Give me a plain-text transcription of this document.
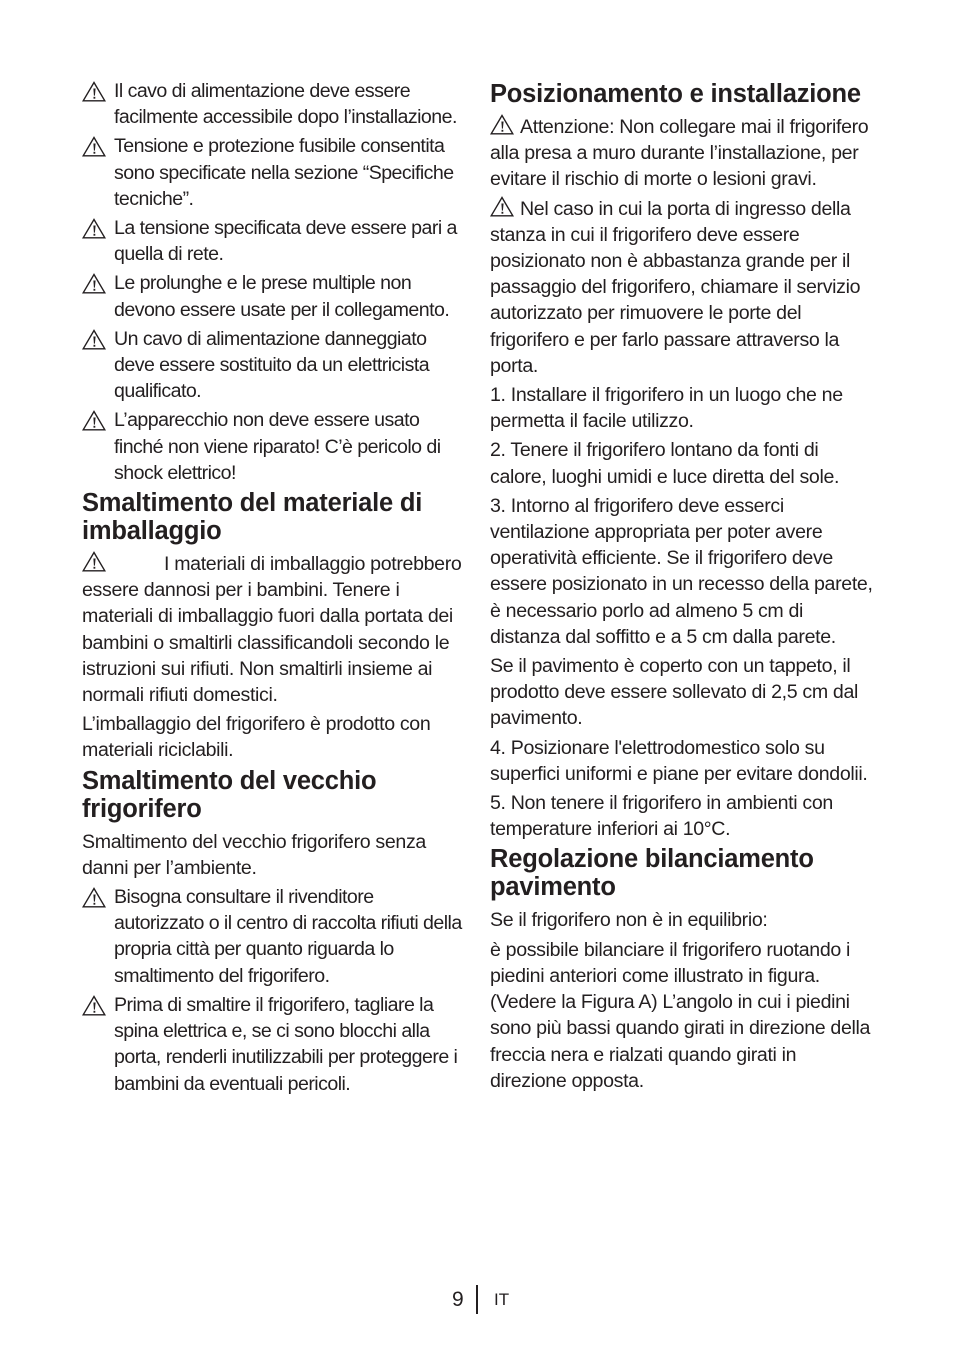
Il cavo di alimentazione deve essere facilmente accessibile dopo l’installazione.
Tensione e protezione fusibile consentita sono specificate nella sezione “Specifiche tecniche”.
La tensione specificata deve essere pari a quella di rete.
Le prolunghe e le prese multiple non devono essere usate per il collegamento.
Un cavo di alimentazione danneggiato deve essere sostituito da un elettricista qualificato.
L’apparecchio non deve essere usato finché non viene riparato! C’è pericolo di shock elettrico!
Smaltimento del materiale di imballaggio

I materiali di imballaggio potrebbero essere dannosi per i bambini. Tenere i materiali di imballaggio fuori dalla portata dei bambini o smaltirli classificandoli secondo le istruzioni sui rifiuti. Non smaltirli insieme ai normali rifiuti domestici.

L’imballaggio del frigorifero è prodotto con materiali riciclabili.

Smaltimento del vecchio frigorifero

Smaltimento del vecchio frigorifero senza danni per l’ambiente.

Bisogna consultare il rivenditore autorizzato o il centro di raccolta rifiuti della propria città per quanto riguarda lo smaltimento del frigorifero.
Prima di smaltire il frigorifero, tagliare la spina elettrica e, se ci sono blocchi alla porta, renderli inutilizzabili per proteggere i bambini da eventuali pericoli.
Posizionamento e installazione

Attenzione: Non collegare mai il frigorifero alla presa a muro durante l’installazione, per evitare il rischio di morte o lesioni gravi.

Nel caso in cui la porta di ingresso della stanza in cui il frigorifero deve essere posizionato non è abbastanza grande per il passaggio del frigorifero, chiamare il servizio autorizzato per rimuovere le porte del frigorifero e per farlo passare attraverso la porta.

1. Installare il frigorifero in un luogo che ne permetta il facile utilizzo.

2. Tenere il frigorifero lontano da fonti di calore, luoghi umidi e luce diretta del sole.

3. Intorno al frigorifero deve esserci ventilazione appropriata per poter avere operatività efficiente. Se il frigorifero deve essere posizionato in un recesso della parete, è necessario porlo ad almeno 5 cm di distanza dal soffitto e a 5 cm dalla parete.

Se il pavimento è coperto con un tappeto, il prodotto deve essere sollevato di 2,5 cm dal pavimento.

4. Posizionare l'elettrodomestico solo su superfici uniformi e piane per evitare dondolii.

5. Non tenere il frigorifero in ambienti con temperature inferiori ai 10°C.

Regolazione bilanciamento pavimento

Se il frigorifero non è in equilibrio:

è possibile bilanciare il frigorifero ruotando i piedini anteriori come illustrato in figura. (Vedere la Figura A) L’angolo in cui i piedini sono più bassi quando girati in direzione della freccia nera e rialzati quando girati in direzione opposta.

9 IT
